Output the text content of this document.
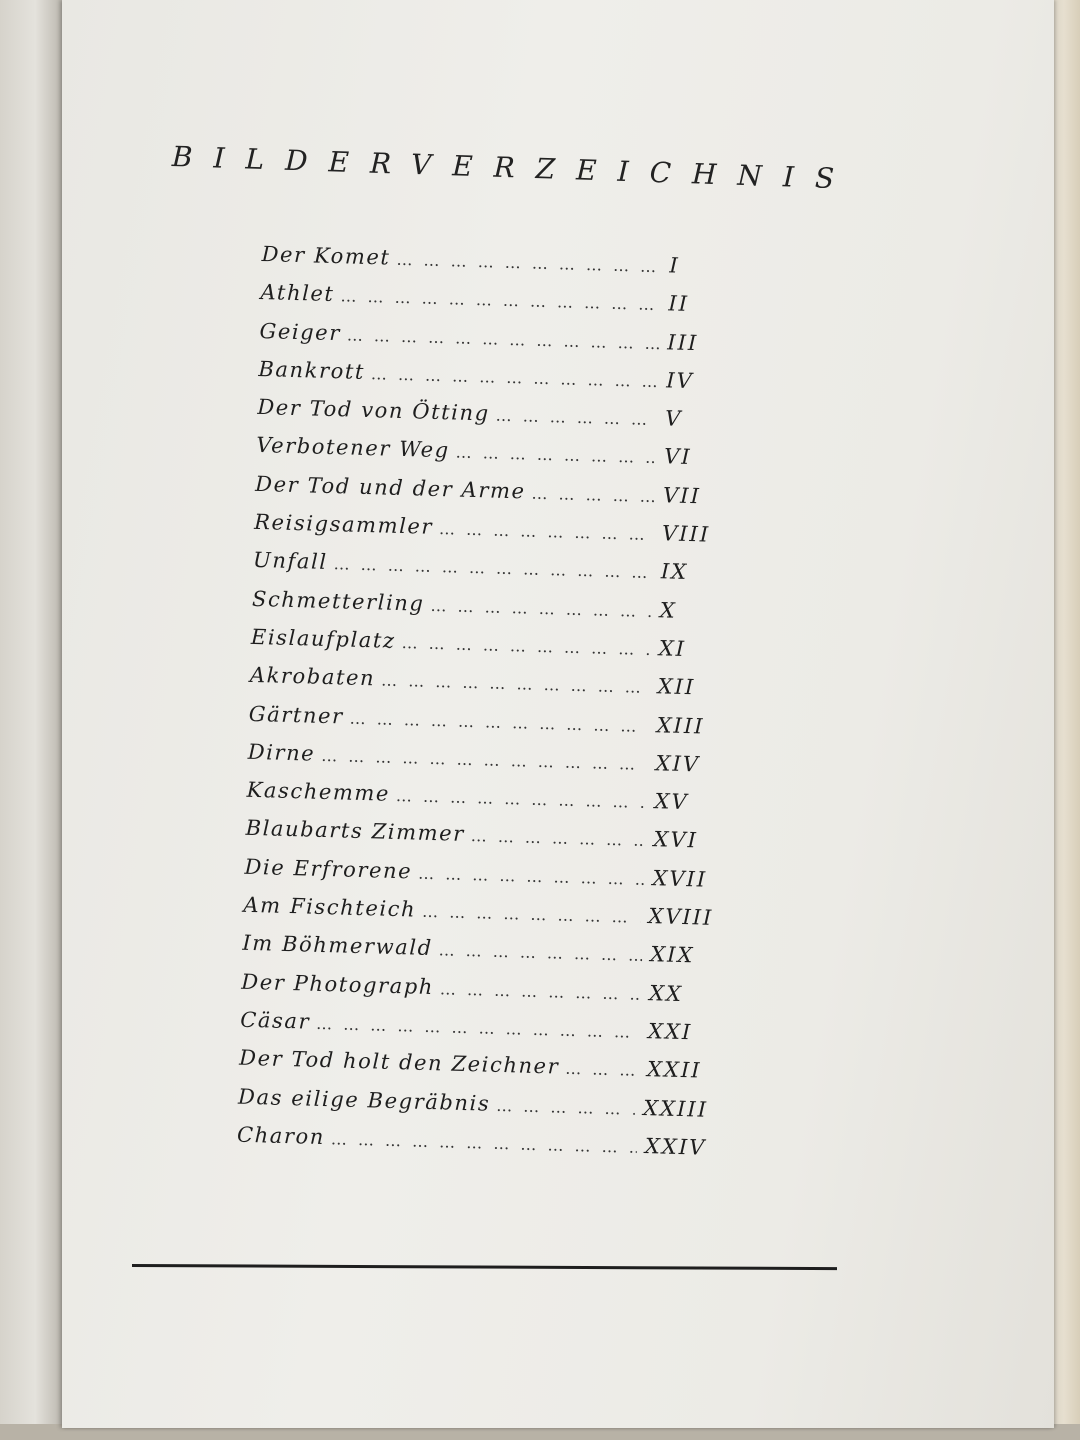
BILDERVERZEICHNIS
Der Komet … … … … … … … … … … … … … … … … … … … … … … … … … … … … … …	I
Athlet … … … … … … … … … … … … … … … … … … … … … … … … … … … … … …	II
Geiger … … … … … … … … … … … … … … … … … … … … … … … … … … … … … …	III
Bankrott … … … … … … … … … … … … … … … … … … … … … … … … … … … … … …	IV
Der Tod von Ötting … … … … … … … … … … … … … … … … … … … … … … … … … … … … … …	V
Verbotener Weg … … … … … … … … … … … … … … … … … … … … … … … … … … … … … …	VI
Der Tod und der Arme … … … … … … … … … … … … … … … … … … … … … … … … … … … … … …	VII
Reisigsammler … … … … … … … … … … … … … … … … … … … … … … … … … … … … … …	VIII
Unfall … … … … … … … … … … … … … … … … … … … … … … … … … … … … … …	IX
Schmetterling … … … … … … … … … … … … … … … … … … … … … … … … … … … … … …	X
Eislaufplatz … … … … … … … … … … … … … … … … … … … … … … … … … … … … … …	XI
Akrobaten … … … … … … … … … … … … … … … … … … … … … … … … … … … … … …	XII
Gärtner … … … … … … … … … … … … … … … … … … … … … … … … … … … … … …	XIII
Dirne … … … … … … … … … … … … … … … … … … … … … … … … … … … … … …	XIV
Kaschemme … … … … … … … … … … … … … … … … … … … … … … … … … … … … … …	XV
Blaubarts Zimmer … … … … … … … … … … … … … … … … … … … … … … … … … … … … … …	XVI
Die Erfrorene … … … … … … … … … … … … … … … … … … … … … … … … … … … … … …	XVII
Am Fischteich … … … … … … … … … … … … … … … … … … … … … … … … … … … … … …	XVIII
Im Böhmerwald … … … … … … … … … … … … … … … … … … … … … … … … … … … … … …	XIX
Der Photograph … … … … … … … … … … … … … … … … … … … … … … … … … … … … … …	XX
Cäsar … … … … … … … … … … … … … … … … … … … … … … … … … … … … … …	XXI
Der Tod holt den Zeichner … … … … … … … … … … … … … … … … … … … … … … … … … … … … … …	XXII
Das eilige Begräbnis … … … … … … … … … … … … … … … … … … … … … … … … … … … … … …	XXIII
Charon … … … … … … … … … … … … … … … … … … … … … … … … … … … … … …	XXIV
